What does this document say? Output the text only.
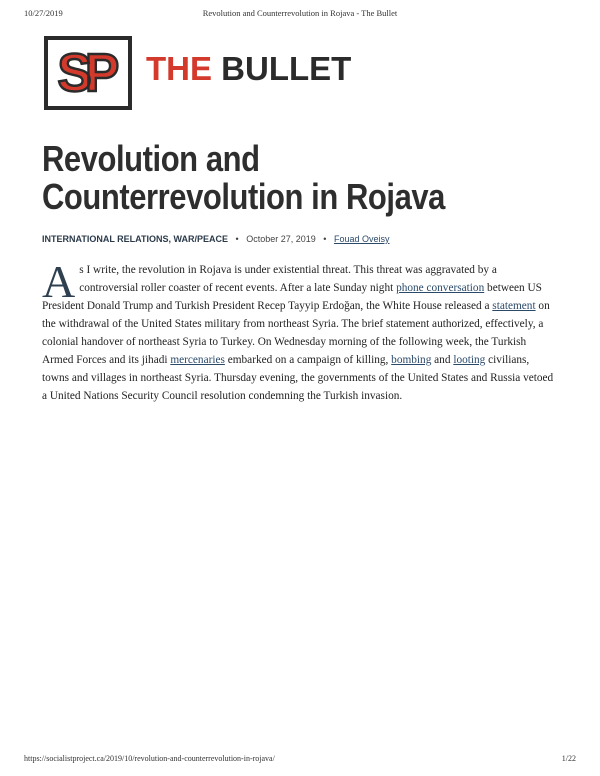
10/27/2019	Revolution and Counterrevolution in Rojava - The Bullet
SP THE BULLET
Revolution and Counterrevolution in Rojava
INTERNATIONAL RELATIONS, WAR/PEACE • October 27, 2019 • Fouad Oveisy

As I write, the revolution in Rojava is under existential threat. This threat was aggravated by a controversial roller coaster of recent events. After a late Sunday night phone conversation between US President Donald Trump and Turkish President Recep Tayyip Erdoğan, the White House released a statement on the withdrawal of the United States military from northeast Syria. The brief statement authorized, effectively, a colonial handover of northeast Syria to Turkey. On Wednesday morning of the following week, the Turkish Armed Forces and its jihadi mercenaries embarked on a campaign of killing, bombing and looting civilians, towns and villages in northeast Syria. Thursday evening, the governments of the United States and Russia vetoed a United Nations Security Council resolution condemning the Turkish invasion.

https://socialistproject.ca/2019/10/revolution-and-counterrevolution-in-rojava/	1/22
